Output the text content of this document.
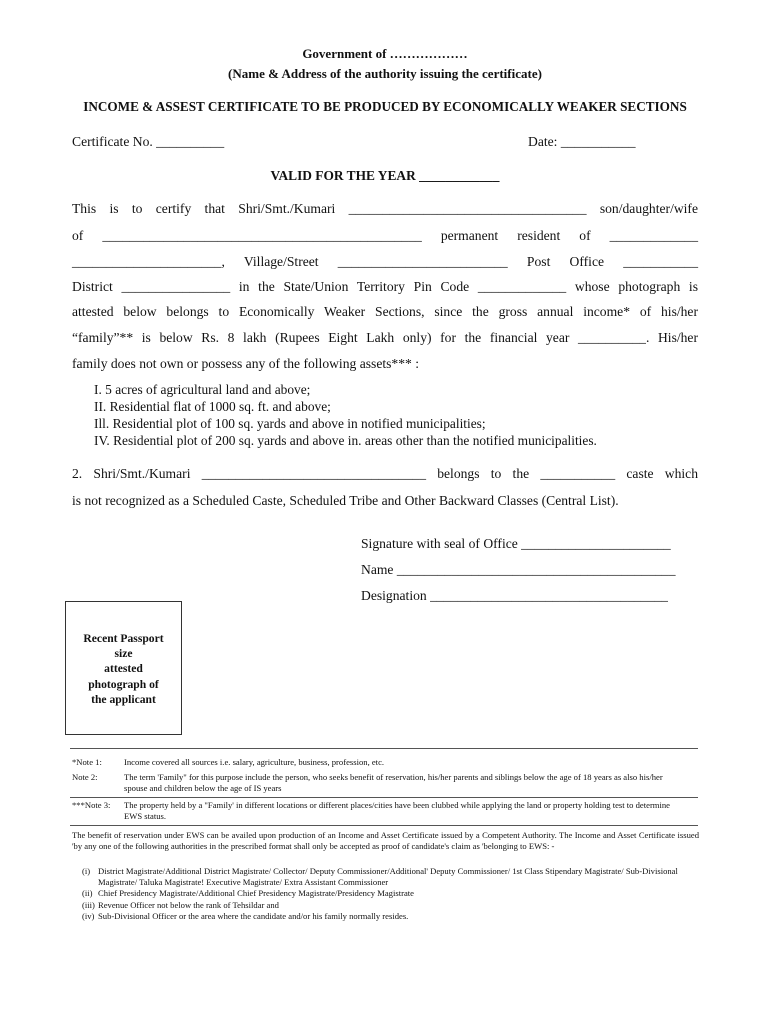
Government of ………………
(Name & Address of the authority issuing the certificate)
INCOME & ASSEST CERTIFICATE TO BE PRODUCED BY ECONOMICALLY WEAKER SECTIONS
Certificate No. __________	Date: ___________
VALID FOR THE YEAR ____________
This is to certify that Shri/Smt./Kumari ___________________________________ son/daughter/wife
of _______________________________________________ permanent resident of _____________
______________________, Village/Street _________________________ Post Office ___________
District ________________ in the State/Union Territory Pin Code _____________ whose photograph is
attested below belongs to Economically Weaker Sections, since the gross annual income* of his/her
“family”** is below Rs. 8 lakh (Rupees Eight Lakh only) for the financial year __________. His/her
family does not own or possess any of the following assets*** :
I. 5 acres of agricultural land and above;
II. Residential flat of 1000 sq. ft. and above;
Ill. Residential plot of 100 sq. yards and above in notified municipalities;
IV. Residential plot of 200 sq. yards and above in. areas other than the notified municipalities.
2. Shri/Smt./Kumari _________________________________ belongs to the ___________ caste which
is not recognized as a Scheduled Caste, Scheduled Tribe and Other Backward Classes (Central List).
Signature with seal of Office ______________________
Name _________________________________________
Designation ___________________________________
Recent Passport
size
attested
photograph of
the applicant
*Note 1:	Income covered all sources i.e. salary, agriculture, business, profession, etc.
Note 2:	The term 'Family" for this purpose include the person, who seeks benefit of reservation, his/her parents and siblings below the age of 18 years as also his/her spouse and children below the age of IS years
***Note 3: The property held by a "Family' in different locations or different places/cities have been clubbed while applying the land or property holding test to determine EWS status.
The benefit of reservation under EWS can be availed upon production of an Income and Asset Certificate issued by a Competent Authority. The Income and Asset Certificate issued 'by any one of the following authorities in the prescribed format shall only be accepted as proof of candidate's claim as 'belonging to EWS: -
(i) District Magistrate/Additional District Magistrate/ Collector/ Deputy Commissioner/Additional' Deputy Commissioner/ 1st Class Stipendary Magistrate/ Sub-Divisional Magistrate/ Taluka Magistrate! Executive Magistrate/ Extra Assistant Commissioner
(ii) Chief Presidency Magistrate/Additional Chief Presidency Magistrate/Presidency Magistrate
(iii) Revenue Officer not below the rank of Tehsildar and
(iv) Sub-Divisional Officer or the area where the candidate and/or his family normally resides.
